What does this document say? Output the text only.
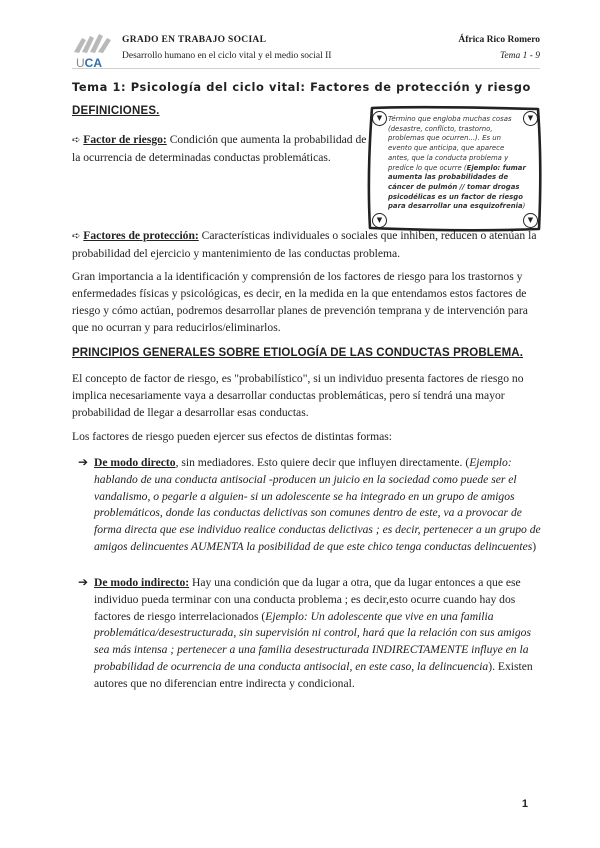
UCA
GRADO EN TRABAJO SOCIAL
Desarrollo humano en el ciclo vital y el medio social II
África Rico Romero
Tema 1 - 9
Tema 1: Psicología del ciclo vital: Factores de protección y riesgo
DEFINICIONES.
➪ Factor de riesgo: Condición que aumenta la probabilidad de la ocurrencia de determinadas conductas problemáticas.
▼	▼
▼	▼
Término que engloba muchas cosas (desastre, conflicto, trastorno, problemas que ocurren...). Es un evento que anticipa, que aparece antes, que la conducta problema y predice lo que ocurre (Ejemplo: fumar aumenta las probabilidades de cáncer de pulmón // tomar drogas psicodélicas es un factor de riesgo para desarrollar una esquizofrenia)
➪ Factores de protección: Características individuales o sociales que inhiben, reducen o atenúan la probabilidad del ejercicio y mantenimiento de las conductas problema.
Gran importancia a la identificación y comprensión de los factores de riesgo para los trastornos y enfermedades físicas y psicológicas, es decir, en la medida en la que entendamos estos factores de riesgo y cómo actúan, podremos desarrollar planes de prevención temprana y de intervención para que no ocurran y para reducirlos/eliminarlos.
PRINCIPIOS GENERALES SOBRE ETIOLOGÍA DE LAS CONDUCTAS PROBLEMA.
El concepto de factor de riesgo, es "probabilístico", si un individuo presenta factores de riesgo no implica necesariamente vaya a desarrollar conductas problemáticas, pero sí tendrá una mayor probabilidad de llegar a desarrollar esas conductas.
Los factores de riesgo pueden ejercer sus efectos de distintas formas:
➔ De modo directo, sin mediadores. Esto quiere decir que influyen directamente. (Ejemplo: hablando de una conducta antisocial -producen un juicio en la sociedad como puede ser el vandalismo, o pegarle a alguien- si un adolescente se ha integrado en un grupo de amigos problemáticos, donde las conductas delictivas son comunes dentro de este, va a provocar de forma directa que ese individuo realice conductas delictivas ; es decir, pertenecer a un grupo de amigos delincuentes AUMENTA la posibilidad de que este chico tenga conductas delincuentes)
➔ De modo indirecto: Hay una condición que da lugar a otra, que da lugar entonces a que ese individuo pueda terminar con una conducta problema ; es decir,esto ocurre cuando hay dos factores de riesgo interrelacionados (Ejemplo: Un adolescente que vive en una familia problemática/desestructurada, sin supervisión ni control, hará que la relación con sus amigos sea más intensa ; pertenecer a una familia desestructurada INDIRECTAMENTE influye en la probabilidad de ocurrencia de una conducta antisocial, en este caso, la delincuencia). Existen autores que no diferencian entre indirecta y condicional.
1
